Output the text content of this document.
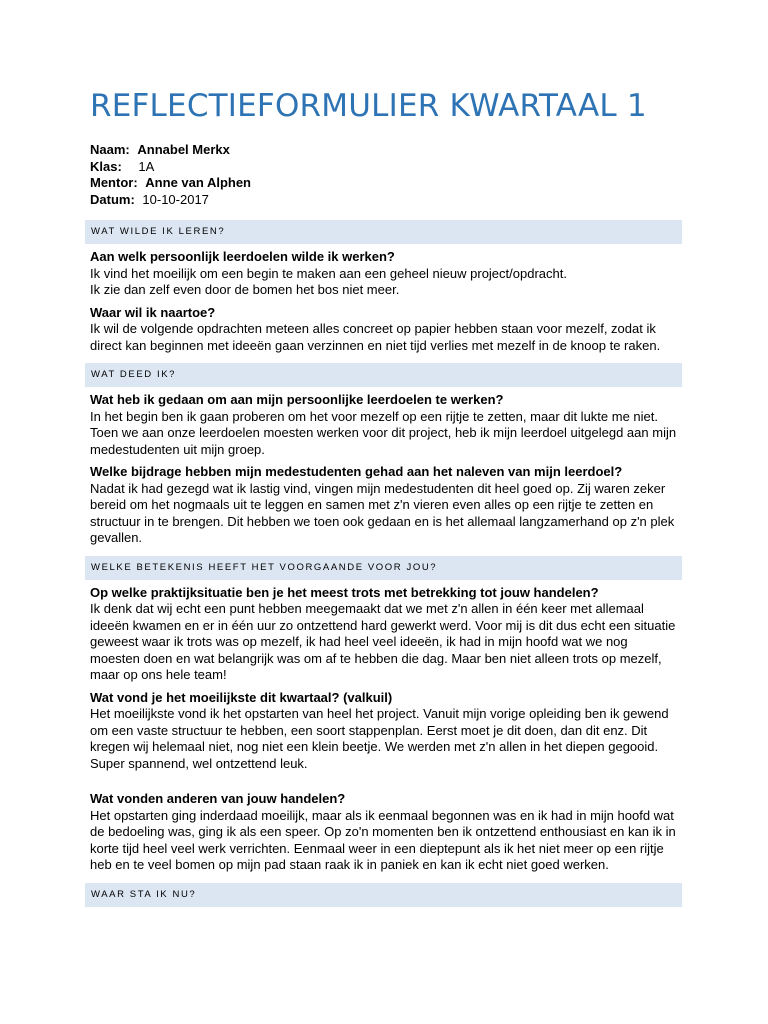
REFLECTIEFORMULIER KWARTAAL 1
Naam: Annabel Merkx
Klas: 1A
Mentor: Anne van Alphen
Datum: 10-10-2017
WAT WILDE IK LEREN?
Aan welk persoonlijk leerdoelen wilde ik werken?

Ik vind het moeilijk om een begin te maken aan een geheel nieuw project/opdracht.

Ik zie dan zelf even door de bomen het bos niet meer.

Waar wil ik naartoe?

Ik wil de volgende opdrachten meteen alles concreet op papier hebben staan voor mezelf, zodat ik

direct kan beginnen met ideeën gaan verzinnen en niet tijd verlies met mezelf in de knoop te raken.

WAT DEED IK?
Wat heb ik gedaan om aan mijn persoonlijke leerdoelen te werken?

In het begin ben ik gaan proberen om het voor mezelf op een rijtje te zetten, maar dit lukte me niet.

Toen we aan onze leerdoelen moesten werken voor dit project, heb ik mijn leerdoel uitgelegd aan mijn

medestudenten uit mijn groep.

Welke bijdrage hebben mijn medestudenten gehad aan het naleven van mijn leerdoel?

Nadat ik had gezegd wat ik lastig vind, vingen mijn medestudenten dit heel goed op. Zij waren zeker

bereid om het nogmaals uit te leggen en samen met z'n vieren even alles op een rijtje te zetten en

structuur in te brengen. Dit hebben we toen ook gedaan en is het allemaal langzamerhand op z'n plek

gevallen.

WELKE BETEKENIS HEEFT HET VOORGAANDE VOOR JOU?
Op welke praktijksituatie ben je het meest trots met betrekking tot jouw handelen?

Ik denk dat wij echt een punt hebben meegemaakt dat we met z'n allen in één keer met allemaal

ideeën kwamen en er in één uur zo ontzettend hard gewerkt werd. Voor mij is dit dus echt een situatie

geweest waar ik trots was op mezelf, ik had heel veel ideeën, ik had in mijn hoofd wat we nog

moesten doen en wat belangrijk was om af te hebben die dag. Maar ben niet alleen trots op mezelf,

maar op ons hele team!

Wat vond je het moeilijkste dit kwartaal? (valkuil)

Het moeilijkste vond ik het opstarten van heel het project. Vanuit mijn vorige opleiding ben ik gewend

om een vaste structuur te hebben, een soort stappenplan. Eerst moet je dit doen, dan dit enz. Dit

kregen wij helemaal niet, nog niet een klein beetje. We werden met z'n allen in het diepen gegooid.

Super spannend, wel ontzettend leuk.

Wat vonden anderen van jouw handelen?

Het opstarten ging inderdaad moeilijk, maar als ik eenmaal begonnen was en ik had in mijn hoofd wat

de bedoeling was, ging ik als een speer. Op zo'n momenten ben ik ontzettend enthousiast en kan ik in

korte tijd heel veel werk verrichten. Eenmaal weer in een dieptepunt als ik het niet meer op een rijtje

heb en te veel bomen op mijn pad staan raak ik in paniek en kan ik echt niet goed werken.

WAAR STA IK NU?
